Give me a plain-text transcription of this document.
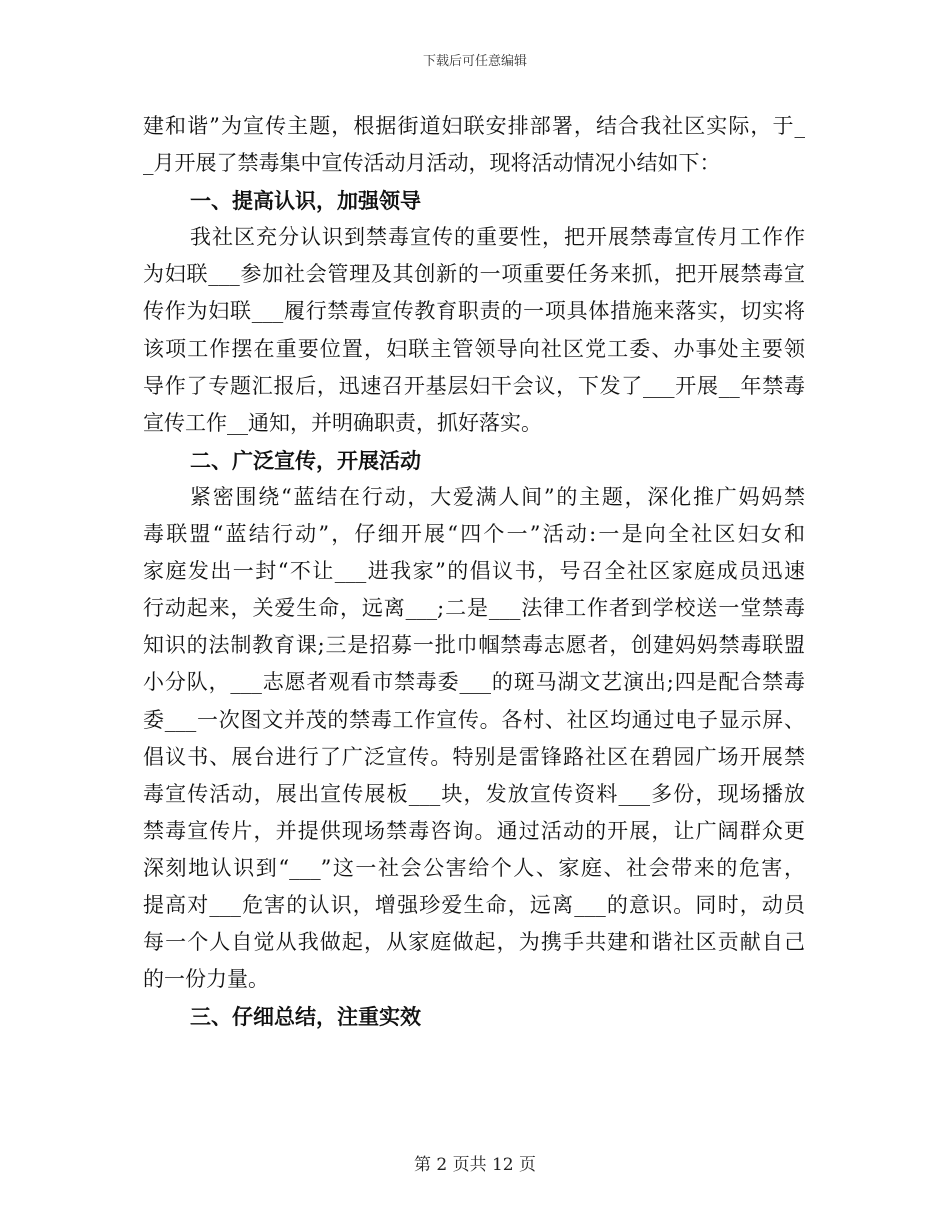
下载后可任意编辑
建和谐”为宣传主题，根据街道妇联安排部署，结合我社区实际，于_
_月开展了禁毒集中宣传活动月活动，现将活动情况小结如下：
一、提高认识，加强领导
我社区充分认识到禁毒宣传的重要性，把开展禁毒宣传月工作作
为妇联___参加社会管理及其创新的一项重要任务来抓，把开展禁毒宣
传作为妇联___履行禁毒宣传教育职责的一项具体措施来落实，切实将
该项工作摆在重要位置，妇联主管领导向社区党工委、办事处主要领
导作了专题汇报后，迅速召开基层妇干会议，下发了___开展__年禁毒
宣传工作__通知，并明确职责，抓好落实。
二、广泛宣传，开展活动
紧密围绕“蓝结在行动，大爱满人间”的主题，深化推广妈妈禁
毒联盟“蓝结行动”，仔细开展“四个一”活动:一是向全社区妇女和
家庭发出一封“不让___进我家”的倡议书，号召全社区家庭成员迅速
行动起来，关爱生命，远离___;二是___法律工作者到学校送一堂禁毒
知识的法制教育课;三是招募一批巾帼禁毒志愿者，创建妈妈禁毒联盟
小分队，___志愿者观看市禁毒委___的斑马湖文艺演出;四是配合禁毒
委___一次图文并茂的禁毒工作宣传。各村、社区均通过电子显示屏、
倡议书、展台进行了广泛宣传。特别是雷锋路社区在碧园广场开展禁
毒宣传活动，展出宣传展板___块，发放宣传资料___多份，现场播放
禁毒宣传片，并提供现场禁毒咨询。通过活动的开展，让广阔群众更
深刻地认识到“___”这一社会公害给个人、家庭、社会带来的危害，
提高对___危害的认识，增强珍爱生命，远离___的意识。同时，动员
每一个人自觉从我做起，从家庭做起，为携手共建和谐社区贡献自己
的一份力量。
三、仔细总结，注重实效
第 2 页共 12 页
